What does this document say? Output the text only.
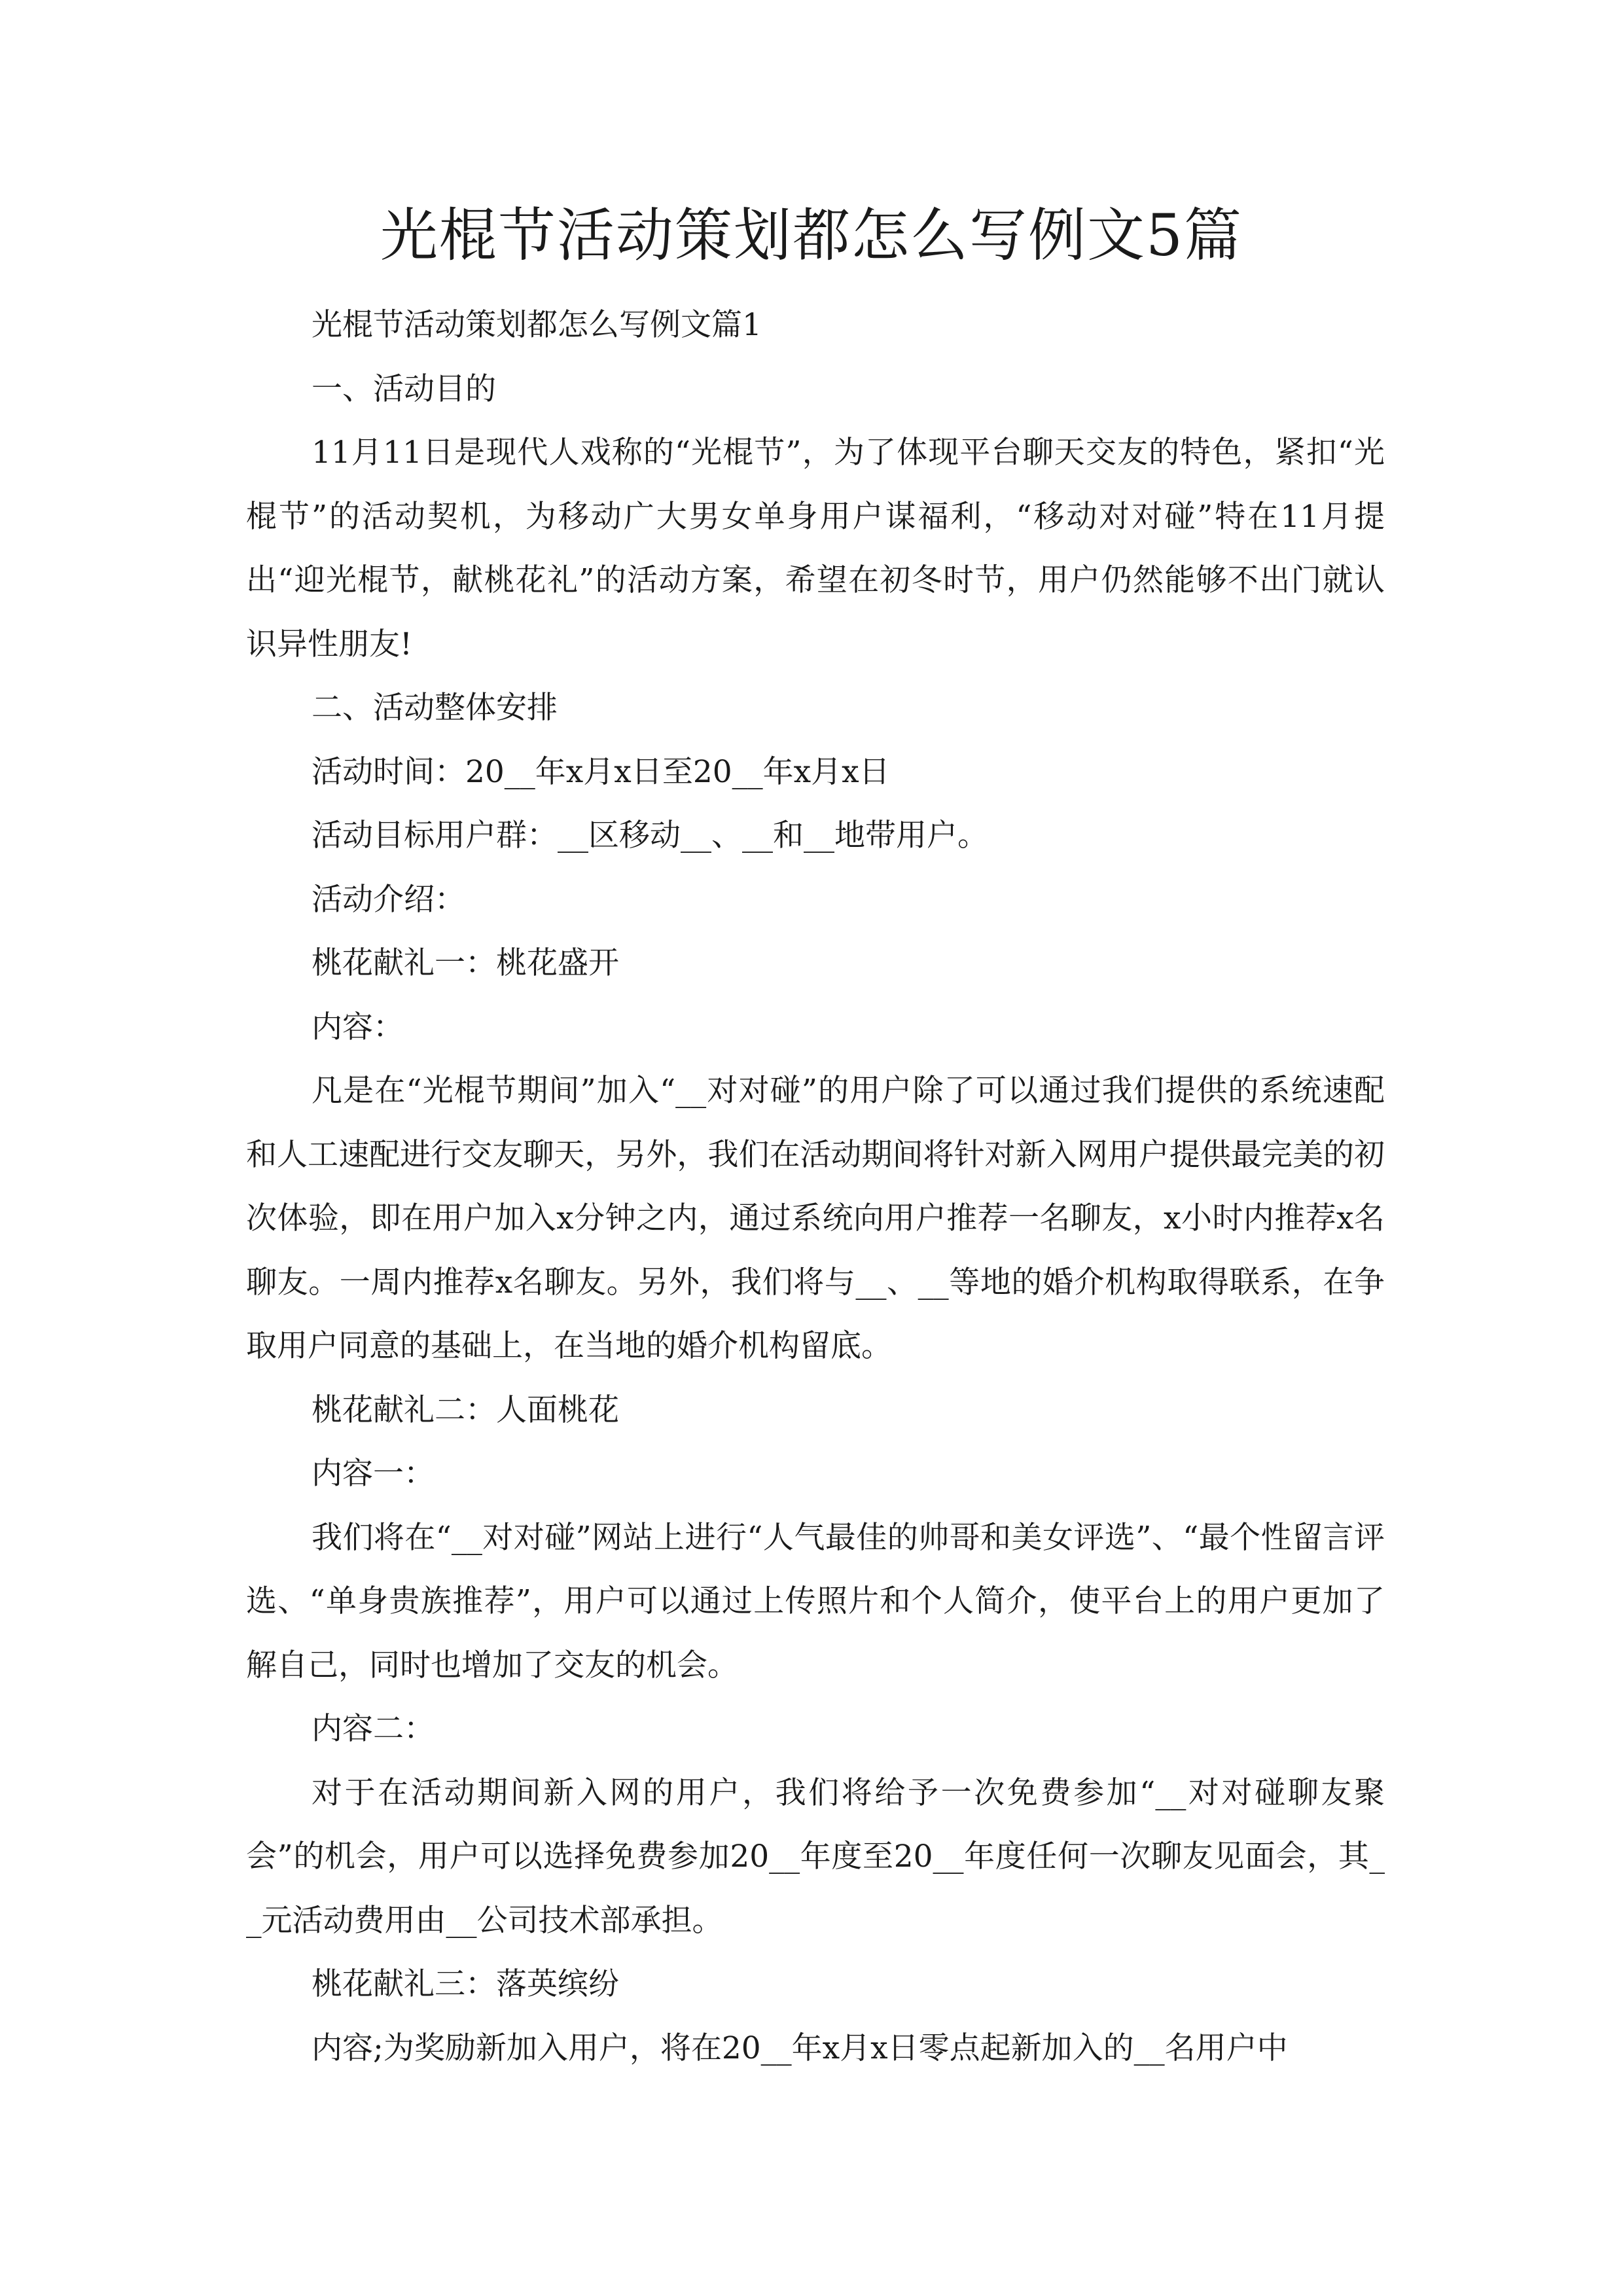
光棍节活动策划都怎么写例文5篇

光棍节活动策划都怎么写例文篇1

一、活动目的

11月11日是现代人戏称的“光棍节”，为了体现平台聊天交友的特色，紧扣“光棍节”的活动契机，为移动广大男女单身用户谋福利，“移动对对碰”特在11月提出“迎光棍节，献桃花礼”的活动方案，希望在初冬时节，用户仍然能够不出门就认识异性朋友!

二、活动整体安排

活动时间：20__年x月x日至20__年x月x日

活动目标用户群：__区移动__、__和__地带用户。

活动介绍：

桃花献礼一：桃花盛开

内容：

凡是在“光棍节期间”加入“__对对碰”的用户除了可以通过我们提供的系统速配和人工速配进行交友聊天，另外，我们在活动期间将针对新入网用户提供最完美的初次体验，即在用户加入x分钟之内，通过系统向用户推荐一名聊友，x小时内推荐x名聊友。一周内推荐x名聊友。另外，我们将与__、__等地的婚介机构取得联系，在争取用户同意的基础上，在当地的婚介机构留底。

桃花献礼二：人面桃花

内容一：

我们将在“__对对碰”网站上进行“人气最佳的帅哥和美女评选”、“最个性留言评选、“单身贵族推荐”，用户可以通过上传照片和个人简介，使平台上的用户更加了解自己，同时也增加了交友的机会。

内容二：

对于在活动期间新入网的用户，我们将给予一次免费参加“__对对碰聊友聚会”的机会，用户可以选择免费参加20__年度至20__年度任何一次聊友见面会，其__元活动费用由__公司技术部承担。

桃花献礼三：落英缤纷

内容;为奖励新加入用户，将在20__年x月x日零点起新加入的__名用户中
